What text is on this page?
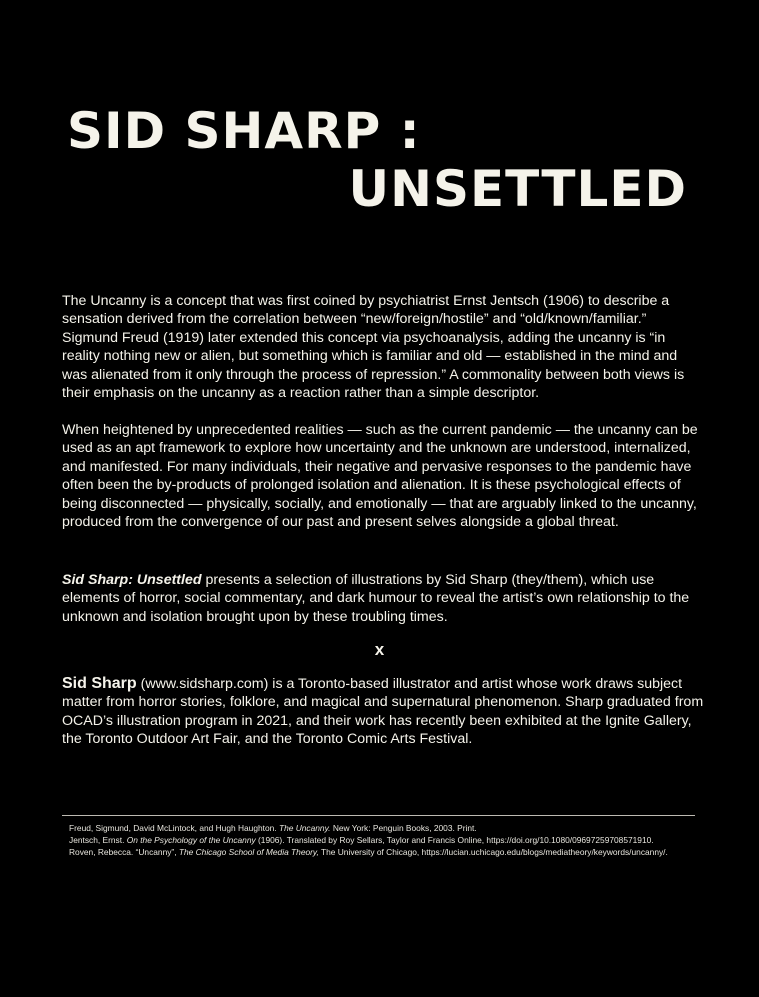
SID SHARP :
UNSETTLED

The Uncanny is a concept that was first coined by psychiatrist Ernst Jentsch (1906) to describe a sensation derived from the correlation between “new/foreign/hostile” and “old/known/familiar.” Sigmund Freud (1919) later extended this concept via psychoanalysis, adding the uncanny is “in reality nothing new or alien, but something which is familiar and old — established in the mind and was alienated from it only through the process of repression.” A commonality between both views is their emphasis on the uncanny as a reaction rather than a simple descriptor.

When heightened by unprecedented realities — such as the current pandemic — the uncanny can be used as an apt framework to explore how uncertainty and the unknown are understood, internalized, and manifested. For many individuals, their negative and pervasive responses to the pandemic have often been the by-products of prolonged isolation and alienation. It is these psychological effects of being disconnected — physically, socially, and emotionally — that are arguably linked to the uncanny, produced from the convergence of our past and present selves alongside a global threat.

Sid Sharp: Unsettled presents a selection of illustrations by Sid Sharp (they/them), which use elements of horror, social commentary, and dark humour to reveal the artist’s own relationship to the unknown and isolation brought upon by these troubling times.

x

Sid Sharp (www.sidsharp.com) is a Toronto-based illustrator and artist whose work draws subject matter from horror stories, folklore, and magical and supernatural phenomenon. Sharp graduated from OCAD’s illustration program in 2021, and their work has recently been exhibited at the Ignite Gallery, the Toronto Outdoor Art Fair, and the Toronto Comic Arts Festival.

Freud, Sigmund, David McLintock, and Hugh Haughton. The Uncanny. New York: Penguin Books, 2003. Print.

Jentsch, Ernst. On the Psychology of the Uncanny (1906). Translated by Roy Sellars, Taylor and Francis Online, https://doi.org/10.1080/09697259708571910.

Roven, Rebecca. “Uncanny”, The Chicago School of Media Theory, The University of Chicago, https://lucian.uchicago.edu/blogs/mediatheory/keywords/uncanny/.
